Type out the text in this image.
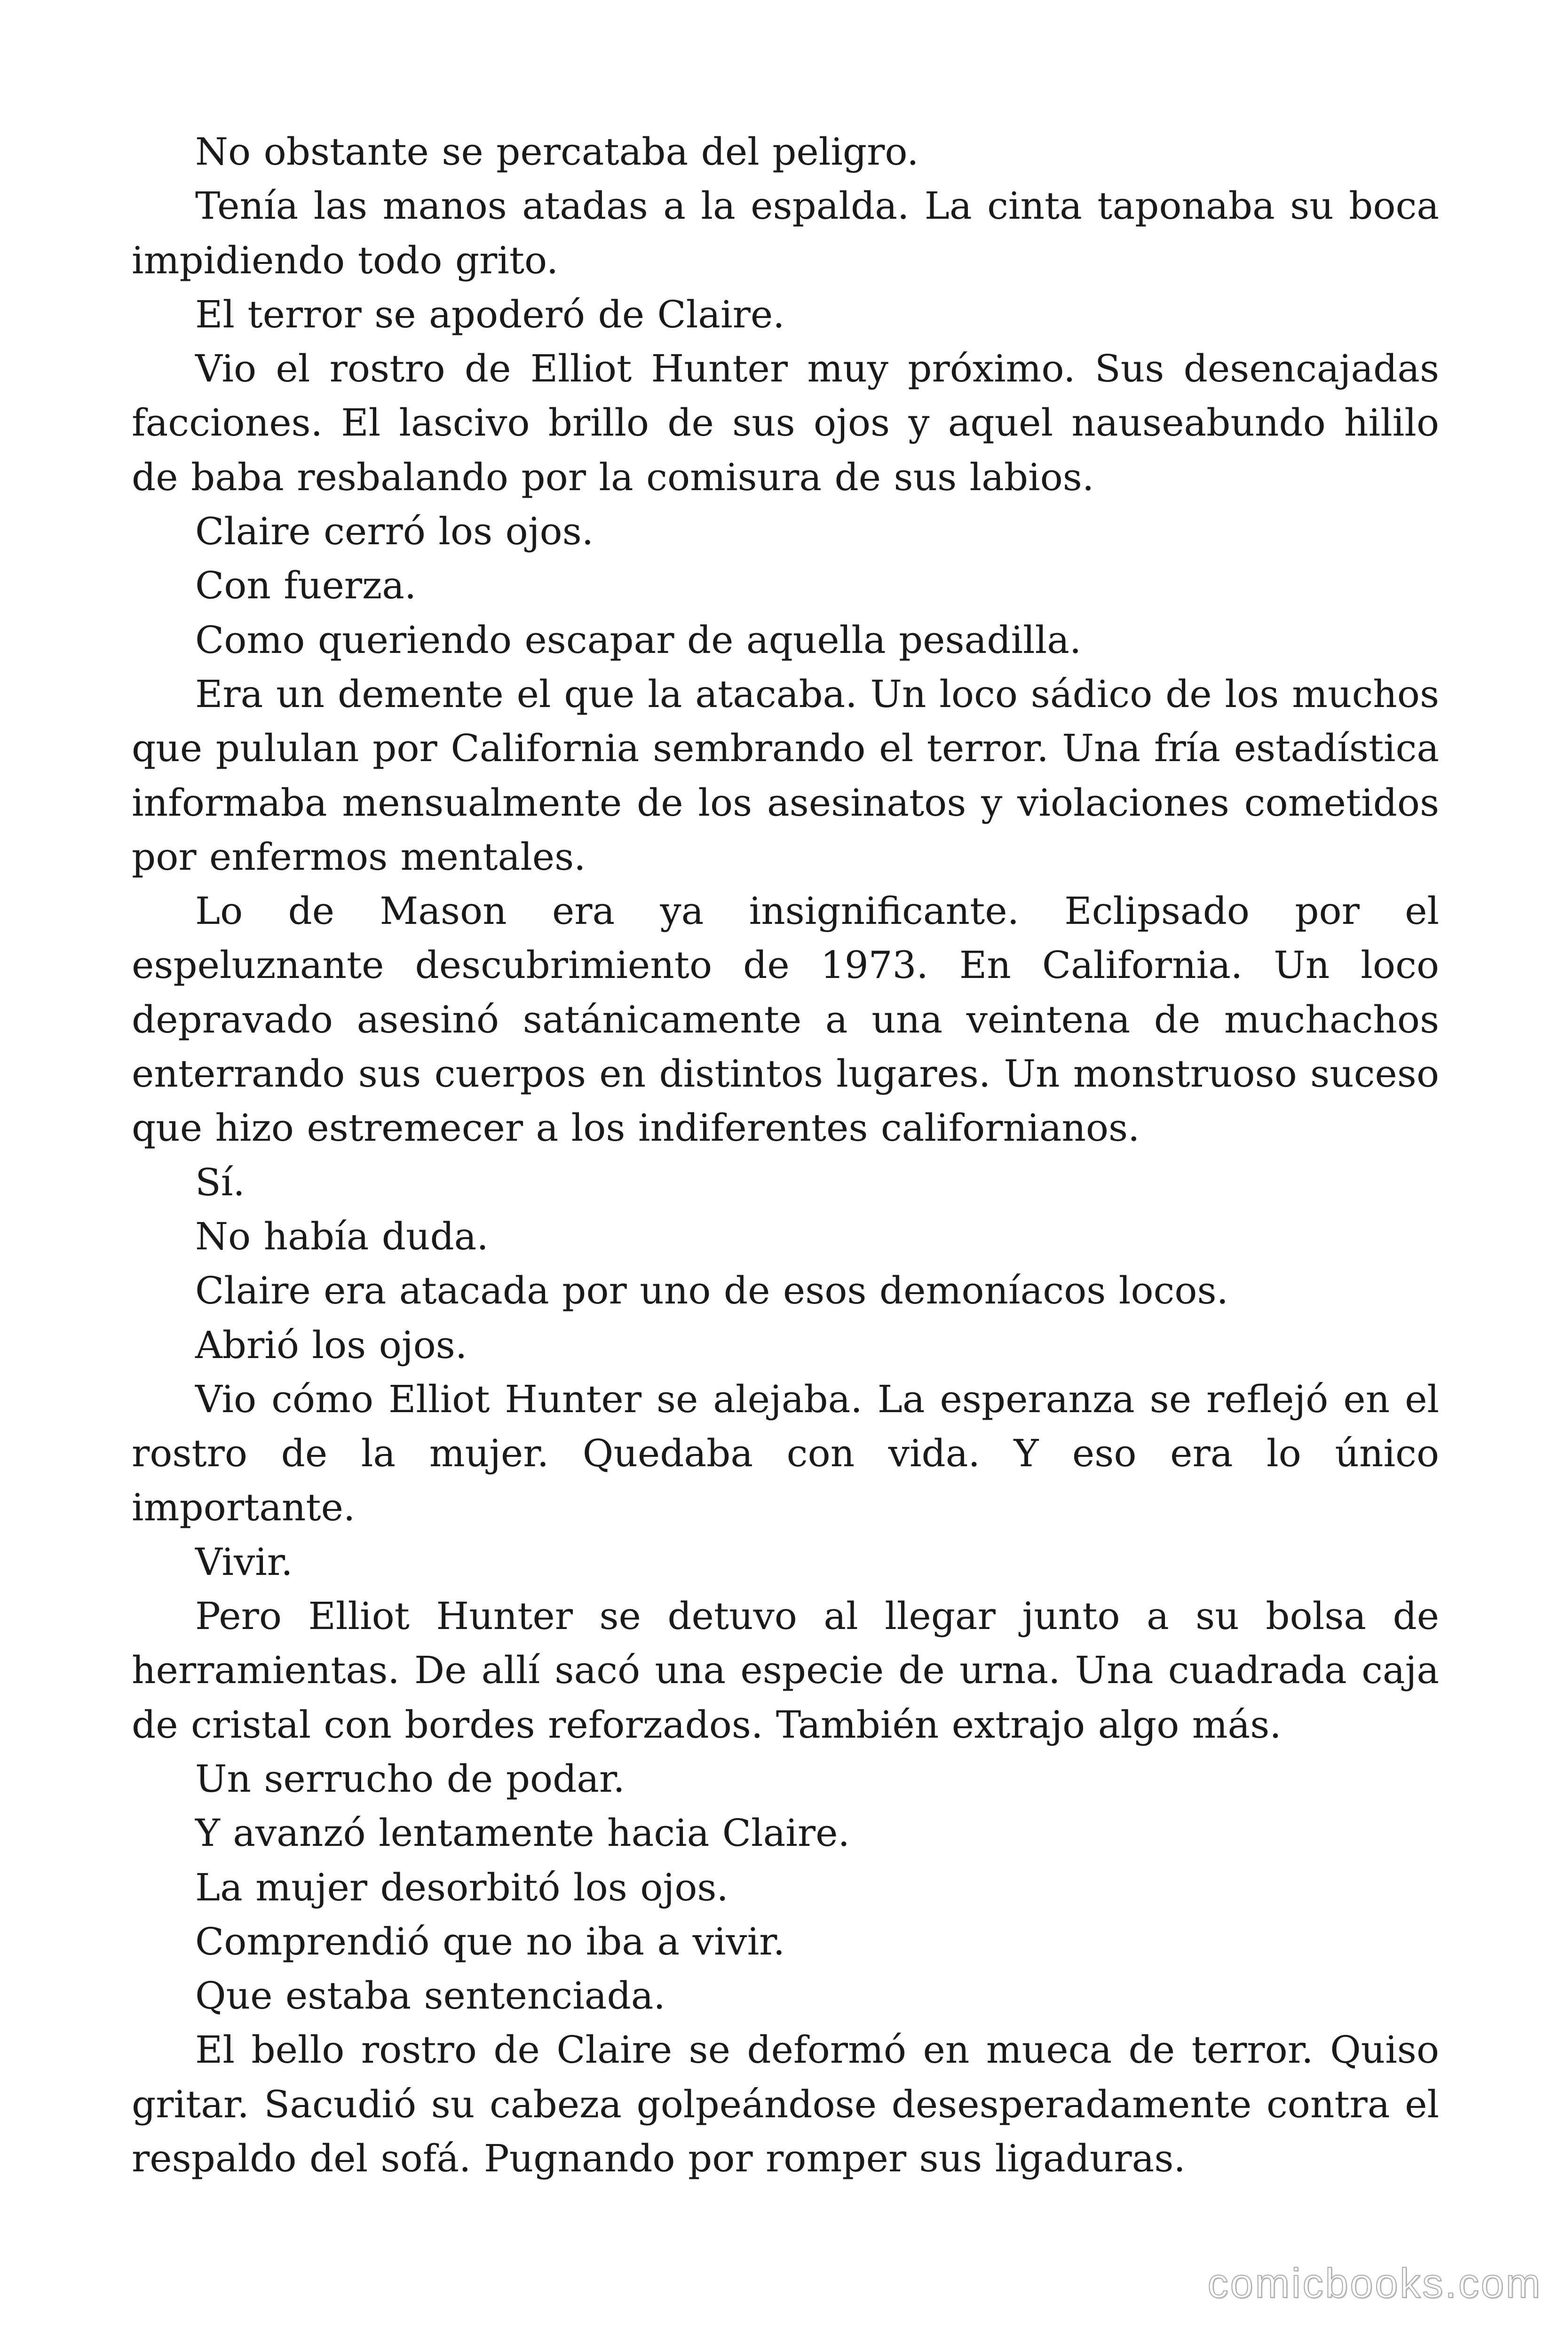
No obstante se percataba del peligro.

Tenía las manos atadas a la espalda. La cinta taponaba su boca impidiendo todo grito.

El terror se apoderó de Claire.

Vio el rostro de Elliot Hunter muy próximo. Sus desencajadas facciones. El lascivo brillo de sus ojos y aquel nauseabundo hililo de baba resbalando por la comisura de sus labios.

Claire cerró los ojos.

Con fuerza.

Como queriendo escapar de aquella pesadilla.

Era un demente el que la atacaba. Un loco sádico de los muchos que pululan por California sembrando el terror. Una fría estadística informaba mensualmente de los asesinatos y violaciones cometidos por enfermos mentales.

Lo de Mason era ya insignificante. Eclipsado por el espeluznante descubrimiento de 1973. En California. Un loco depravado asesinó satánicamente a una veintena de muchachos enterrando sus cuerpos en distintos lugares. Un monstruoso suceso que hizo estremecer a los indiferentes californianos.

Sí.

No había duda.

Claire era atacada por uno de esos demoníacos locos.

Abrió los ojos.

Vio cómo Elliot Hunter se alejaba. La esperanza se reflejó en el rostro de la mujer. Quedaba con vida. Y eso era lo único importante.

Vivir.

Pero Elliot Hunter se detuvo al llegar junto a su bolsa de herramientas. De allí sacó una especie de urna. Una cuadrada caja de cristal con bordes reforzados. También extrajo algo más.

Un serrucho de podar.

Y avanzó lentamente hacia Claire.

La mujer desorbitó los ojos.

Comprendió que no iba a vivir.

Que estaba sentenciada.

El bello rostro de Claire se deformó en mueca de terror. Quiso gritar. Sacudió su cabeza golpeándose desesperadamente contra el respaldo del sofá. Pugnando por romper sus ligaduras.

comicbooks.com
